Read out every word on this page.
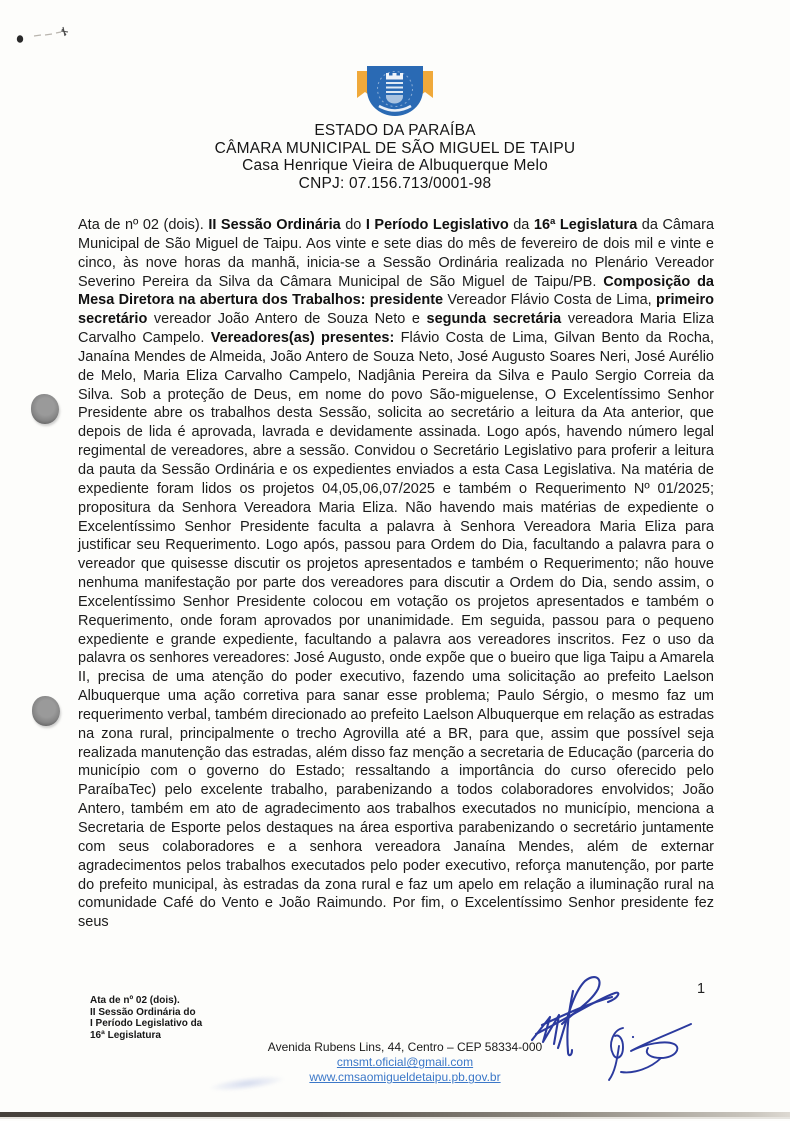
ESTADO DA PARAÍBA
CÂMARA MUNICIPAL DE SÃO MIGUEL DE TAIPU
Casa Henrique Vieira de Albuquerque Melo
CNPJ: 07.156.713/0001-98
Ata de nº 02 (dois). II Sessão Ordinária do I Período Legislativo da 16ª Legislatura da Câmara Municipal de São Miguel de Taipu. Aos vinte e sete dias do mês de fevereiro de dois mil e vinte e cinco, às nove horas da manhã, inicia-se a Sessão Ordinária realizada no Plenário Vereador Severino Pereira da Silva da Câmara Municipal de São Miguel de Taipu/PB. Composição da Mesa Diretora na abertura dos Trabalhos: presidente Vereador Flávio Costa de Lima, primeiro secretário vereador João Antero de Souza Neto e segunda secretária vereadora Maria Eliza Carvalho Campelo. Vereadores(as) presentes: Flávio Costa de Lima, Gilvan Bento da Rocha, Janaína Mendes de Almeida, João Antero de Souza Neto, José Augusto Soares Neri, José Aurélio de Melo, Maria Eliza Carvalho Campelo, Nadjânia Pereira da Silva e Paulo Sergio Correia da Silva. Sob a proteção de Deus, em nome do povo São-miguelense, O Excelentíssimo Senhor Presidente abre os trabalhos desta Sessão, solicita ao secretário a leitura da Ata anterior, que depois de lida é aprovada, lavrada e devidamente assinada. Logo após, havendo número legal regimental de vereadores, abre a sessão. Convidou o Secretário Legislativo para proferir a leitura da pauta da Sessão Ordinária e os expedientes enviados a esta Casa Legislativa. Na matéria de expediente foram lidos os projetos 04,05,06,07/2025 e também o Requerimento Nº 01/2025; propositura da Senhora Vereadora Maria Eliza. Não havendo mais matérias de expediente o Excelentíssimo Senhor Presidente faculta a palavra à Senhora Vereadora Maria Eliza para justificar seu Requerimento. Logo após, passou para Ordem do Dia, facultando a palavra para o vereador que quisesse discutir os projetos apresentados e também o Requerimento; não houve nenhuma manifestação por parte dos vereadores para discutir a Ordem do Dia, sendo assim, o Excelentíssimo Senhor Presidente colocou em votação os projetos apresentados e também o Requerimento, onde foram aprovados por unanimidade. Em seguida, passou para o pequeno expediente e grande expediente, facultando a palavra aos vereadores inscritos. Fez o uso da palavra os senhores vereadores: José Augusto, onde expõe que o bueiro que liga Taipu a Amarela II, precisa de uma atenção do poder executivo, fazendo uma solicitação ao prefeito Laelson Albuquerque uma ação corretiva para sanar esse problema; Paulo Sérgio, o mesmo faz um requerimento verbal, também direcionado ao prefeito Laelson Albuquerque em relação as estradas na zona rural, principalmente o trecho Agrovilla até a BR, para que, assim que possível seja realizada manutenção das estradas, além disso faz menção a secretaria de Educação (parceria do município com o governo do Estado; ressaltando a importância do curso oferecido pelo ParaíbaTec) pelo excelente trabalho, parabenizando a todos colaboradores envolvidos; João Antero, também em ato de agradecimento aos trabalhos executados no município, menciona a Secretaria de Esporte pelos destaques na área esportiva parabenizando o secretário juntamente com seus colaboradores e a senhora vereadora Janaína Mendes, além de externar agradecimentos pelos trabalhos executados pelo poder executivo, reforça manutenção, por parte do prefeito municipal, às estradas da zona rural e faz um apelo em relação a iluminação rural na comunidade Café do Vento e João Raimundo. Por fim, o Excelentíssimo Senhor presidente fez seus
Ata de nº 02 (dois).
II Sessão Ordinária do
I Período Legislativo da
16ª Legislatura
Avenida Rubens Lins, 44, Centro – CEP 58334-000
cmsmt.oficial@gmail.com
www.cmsaomigueldetaipu.pb.gov.br
1
